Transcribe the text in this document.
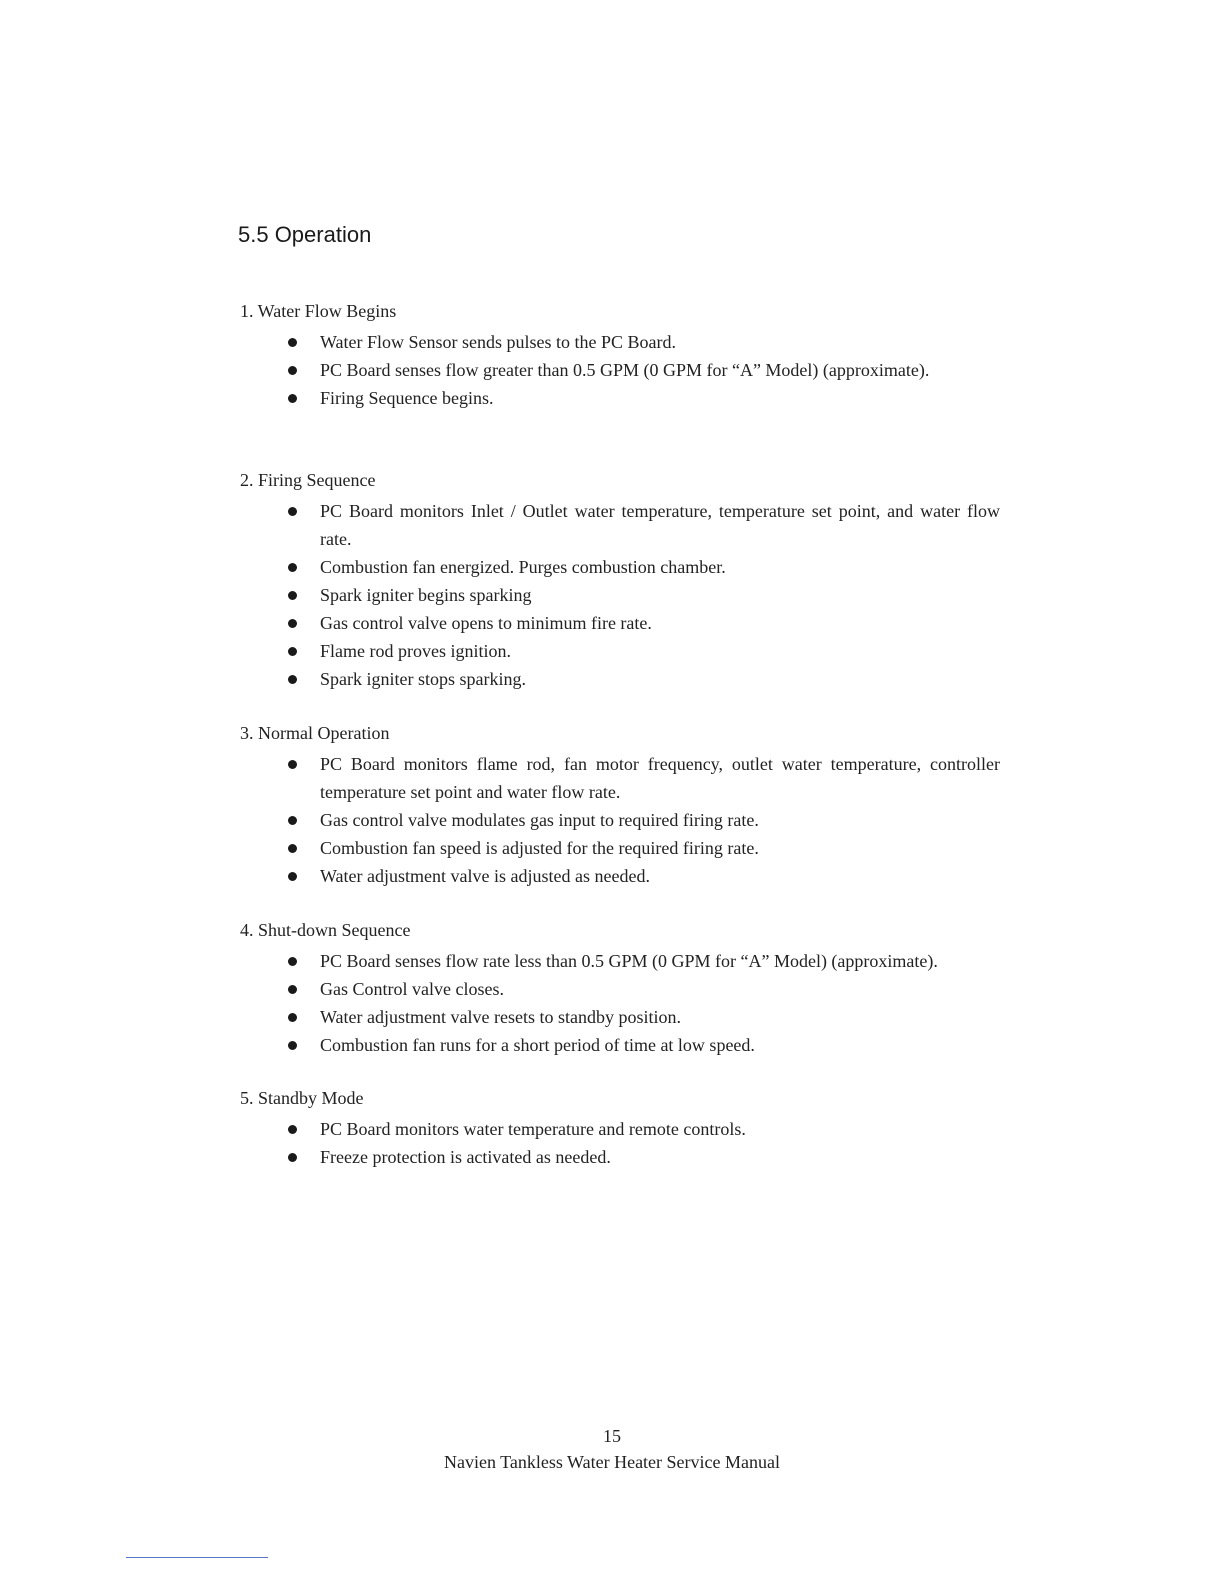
5.5 Operation

1. Water Flow Begins

Water Flow Sensor sends pulses to the PC Board.
PC Board senses flow greater than 0.5 GPM (0 GPM for “A” Model) (approximate).
Firing Sequence begins.

2. Firing Sequence

PC Board monitors Inlet / Outlet water temperature, temperature set point, and water flow rate.
Combustion fan energized. Purges combustion chamber.
Spark igniter begins sparking
Gas control valve opens to minimum fire rate.
Flame rod proves ignition.
Spark igniter stops sparking.

3. Normal Operation

PC Board monitors flame rod, fan motor frequency, outlet water temperature, controller temperature set point and water flow rate.
Gas control valve modulates gas input to required firing rate.
Combustion fan speed is adjusted for the required firing rate.
Water adjustment valve is adjusted as needed.

4. Shut-down Sequence

PC Board senses flow rate less than 0.5 GPM (0 GPM for “A” Model) (approximate).
Gas Control valve closes.
Water adjustment valve resets to standby position.
Combustion fan runs for a short period of time at low speed.

5. Standby Mode

PC Board monitors water temperature and remote controls.
Freeze protection is activated as needed.
15
Navien Tankless Water Heater Service Manual
